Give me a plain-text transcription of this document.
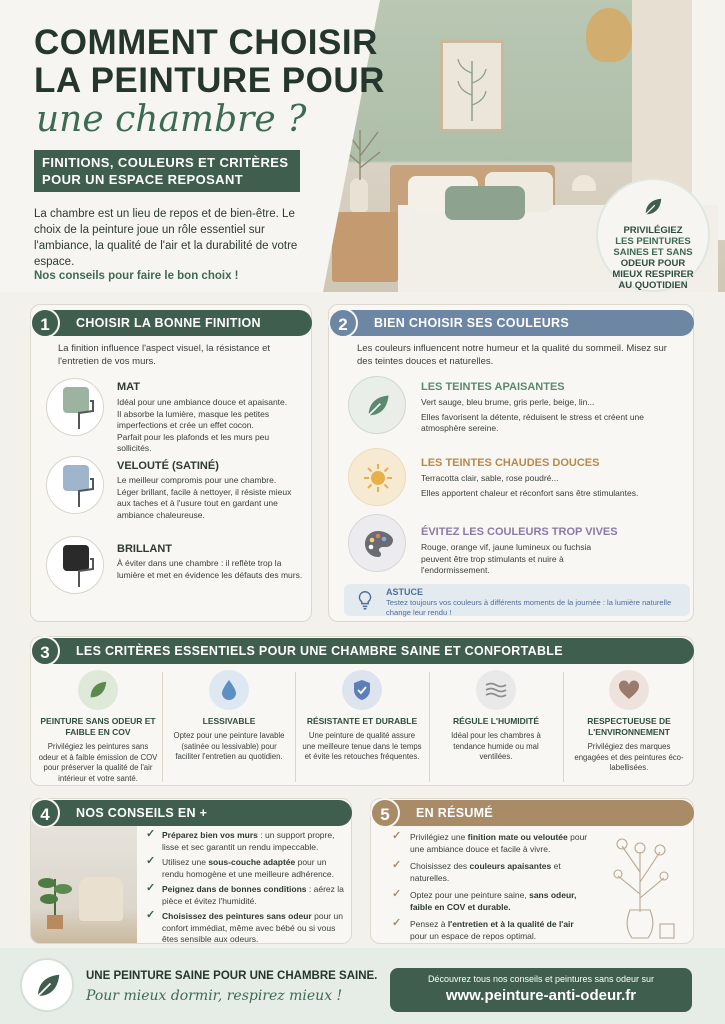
COMMENT CHOISIR
LA PEINTURE POUR
une chambre ?
FINITIONS, COULEURS ET CRITÈRES
POUR UN ESPACE REPOSANT
La chambre est un lieu de repos et de bien-être. Le choix de la peinture joue un rôle essentiel sur l'ambiance, la qualité de l'air et la durabilité de votre espace.
Nos conseils pour faire le bon choix !
PRIVILÉGIEZ
LES PEINTURES
SAINES ET SANS
ODEUR POUR
MIEUX RESPIRER
AU QUOTIDIEN
CHOISIR LA BONNE FINITION
1
La finition influence l'aspect visuel, la résistance et l'entretien de vos murs.
MAT
Idéal pour une ambiance douce et apaisante.
Il absorbe la lumière, masque les petites imperfections et crée un effet cocon.
Parfait pour les plafonds et les murs peu sollicités.
VELOUTÉ (SATINÉ)
Le meilleur compromis pour une chambre.
Léger brillant, facile à nettoyer, il résiste mieux aux taches et à l'usure tout en gardant une ambiance chaleureuse.
BRILLANT
À éviter dans une chambre : il reflète trop la lumière et met en évidence les défauts des murs.
BIEN CHOISIR SES COULEURS
2
Les couleurs influencent notre humeur et la qualité du sommeil. Misez sur des teintes douces et naturelles.
LES TEINTES APAISANTES
Vert sauge, bleu brume, gris perle, beige, lin...
Elles favorisent la détente, réduisent le stress et créent une atmosphère sereine.
LES TEINTES CHAUDES DOUCES
Terracotta clair, sable, rose poudré...
Elles apportent chaleur et réconfort sans être stimulantes.
ÉVITEZ LES COULEURS TROP VIVES
Rouge, orange vif, jaune lumineux ou fuchsia peuvent être trop stimulants et nuire à l'endormissement.
ASTUCE
Testez toujours vos couleurs à différents moments de la journée : la lumière naturelle change leur rendu !
LES CRITÈRES ESSENTIELS POUR UNE CHAMBRE SAINE ET CONFORTABLE
3
PEINTURE SANS ODEUR ET FAIBLE EN COV
Privilégiez les peintures sans odeur et à faible émission de COV pour préserver la qualité de l'air intérieur et votre santé.
LESSIVABLE
Optez pour une peinture lavable (satinée ou lessivable) pour faciliter l'entretien au quotidien.
RÉSISTANTE ET DURABLE
Une peinture de qualité assure une meilleure tenue dans le temps et évite les retouches fréquentes.
RÉGULE L'HUMIDITÉ
Idéal pour les chambres à tendance humide ou mal ventilées.
RESPECTUEUSE DE L'ENVIRONNEMENT
Privilégiez des marques engagées et des peintures éco-labellisées.
NOS CONSEILS EN +
4
✓ Préparez bien vos murs : un support propre, lisse et sec garantit un rendu impeccable.
✓ Utilisez une sous-couche adaptée pour un rendu homogène et une meilleure adhérence.
✓ Peignez dans de bonnes conditions : aérez la pièce et évitez l'humidité.
✓ Choisissez des peintures sans odeur pour un confort immédiat, même avec bébé ou si vous êtes sensible aux odeurs.
EN RÉSUMÉ
5
✓ Privilégiez une finition mate ou veloutée pour une ambiance douce et facile à vivre.
✓ Choisissez des couleurs apaisantes et naturelles.
✓ Optez pour une peinture saine, sans odeur, faible en COV et durable.
✓ Pensez à l'entretien et à la qualité de l'air pour un espace de repos optimal.
UNE PEINTURE SAINE POUR UNE CHAMBRE SAINE.
Pour mieux dormir, respirez mieux !
Découvrez tous nos conseils et peintures sans odeur sur
www.peinture-anti-odeur.fr
